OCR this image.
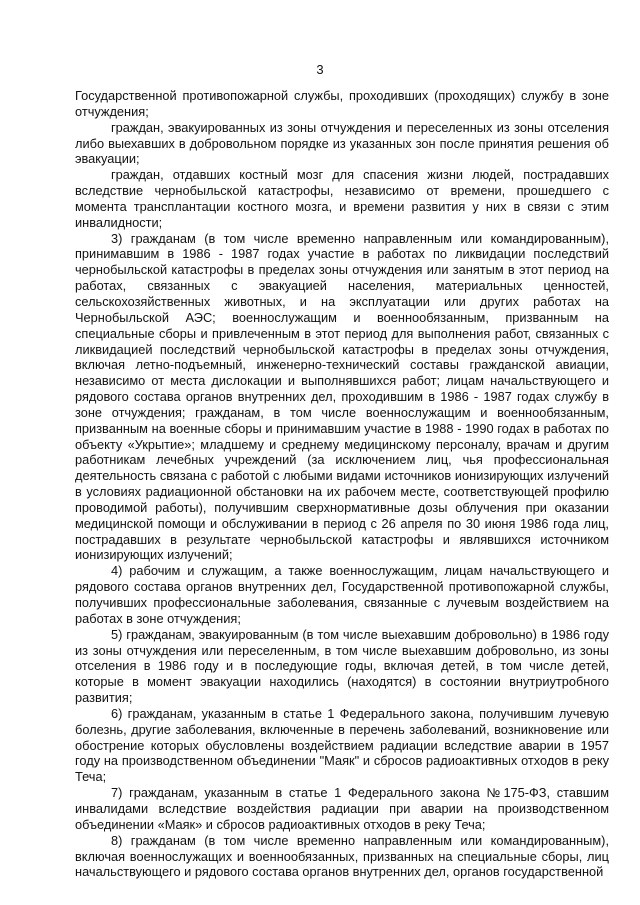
3

Государственной противопожарной службы, проходивших (проходящих) службу в зоне отчуждения;

граждан, эвакуированных из зоны отчуждения и переселенных из зоны отселения либо выехавших в добровольном порядке из указанных зон после принятия решения об эвакуации;

граждан, отдавших костный мозг для спасения жизни людей, пострадавших вследствие чернобыльской катастрофы, независимо от времени, прошедшего с момента трансплантации костного мозга, и времени развития у них в связи с этим инвалидности;

3) гражданам (в том числе временно направленным или командированным), принимавшим в 1986 - 1987 годах участие в работах по ликвидации последствий чернобыльской катастрофы в пределах зоны отчуждения или занятым в этот период на работах, связанных с эвакуацией населения, материальных ценностей, сельскохозяйственных животных, и на эксплуатации или других работах на Чернобыльской АЭС; военнослужащим и военнообязанным, призванным на специальные сборы и привлеченным в этот период для выполнения работ, связанных с ликвидацией последствий чернобыльской катастрофы в пределах зоны отчуждения, включая летно-подъемный, инженерно-технический составы гражданской авиации, независимо от места дислокации и выполнявшихся работ; лицам начальствующего и рядового состава органов внутренних дел, проходившим в 1986 - 1987 годах службу в зоне отчуждения; гражданам, в том числе военнослужащим и военнообязанным, призванным на военные сборы и принимавшим участие в 1988 - 1990 годах в работах по объекту «Укрытие»; младшему и среднему медицинскому персоналу, врачам и другим работникам лечебных учреждений (за исключением лиц, чья профессиональная деятельность связана с работой с любыми видами источников ионизирующих излучений в условиях радиационной обстановки на их рабочем месте, соответствующей профилю проводимой работы), получившим сверхнормативные дозы облучения при оказании медицинской помощи и обслуживании в период с 26 апреля по 30 июня 1986 года лиц, пострадавших в результате чернобыльской катастрофы и являвшихся источником ионизирующих излучений;

4) рабочим и служащим, а также военнослужащим, лицам начальствующего и рядового состава органов внутренних дел, Государственной противопожарной службы, получивших профессиональные заболевания, связанные с лучевым воздействием на работах в зоне отчуждения;

5) гражданам, эвакуированным (в том числе выехавшим добровольно) в 1986 году из зоны отчуждения или переселенным, в том числе выехавшим добровольно, из зоны отселения в 1986 году и в последующие годы, включая детей, в том числе детей, которые в момент эвакуации находились (находятся) в состоянии внутриутробного развития;

6) гражданам, указанным в статье 1 Федерального закона, получившим лучевую болезнь, другие заболевания, включенные в перечень заболеваний, возникновение или обострение которых обусловлены воздействием радиации вследствие аварии в 1957 году на производственном объединении "Маяк" и сбросов радиоактивных отходов в реку Теча;

7) гражданам, указанным в статье 1 Федерального закона №175-ФЗ, ставшим инвалидами вследствие воздействия радиации при аварии на производственном объединении «Маяк» и сбросов радиоактивных отходов в реку Теча;

8) гражданам (в том числе временно направленным или командированным), включая военнослужащих и военнообязанных, призванных на специальные сборы, лиц начальствующего и рядового состава органов внутренних дел, органов государственной
